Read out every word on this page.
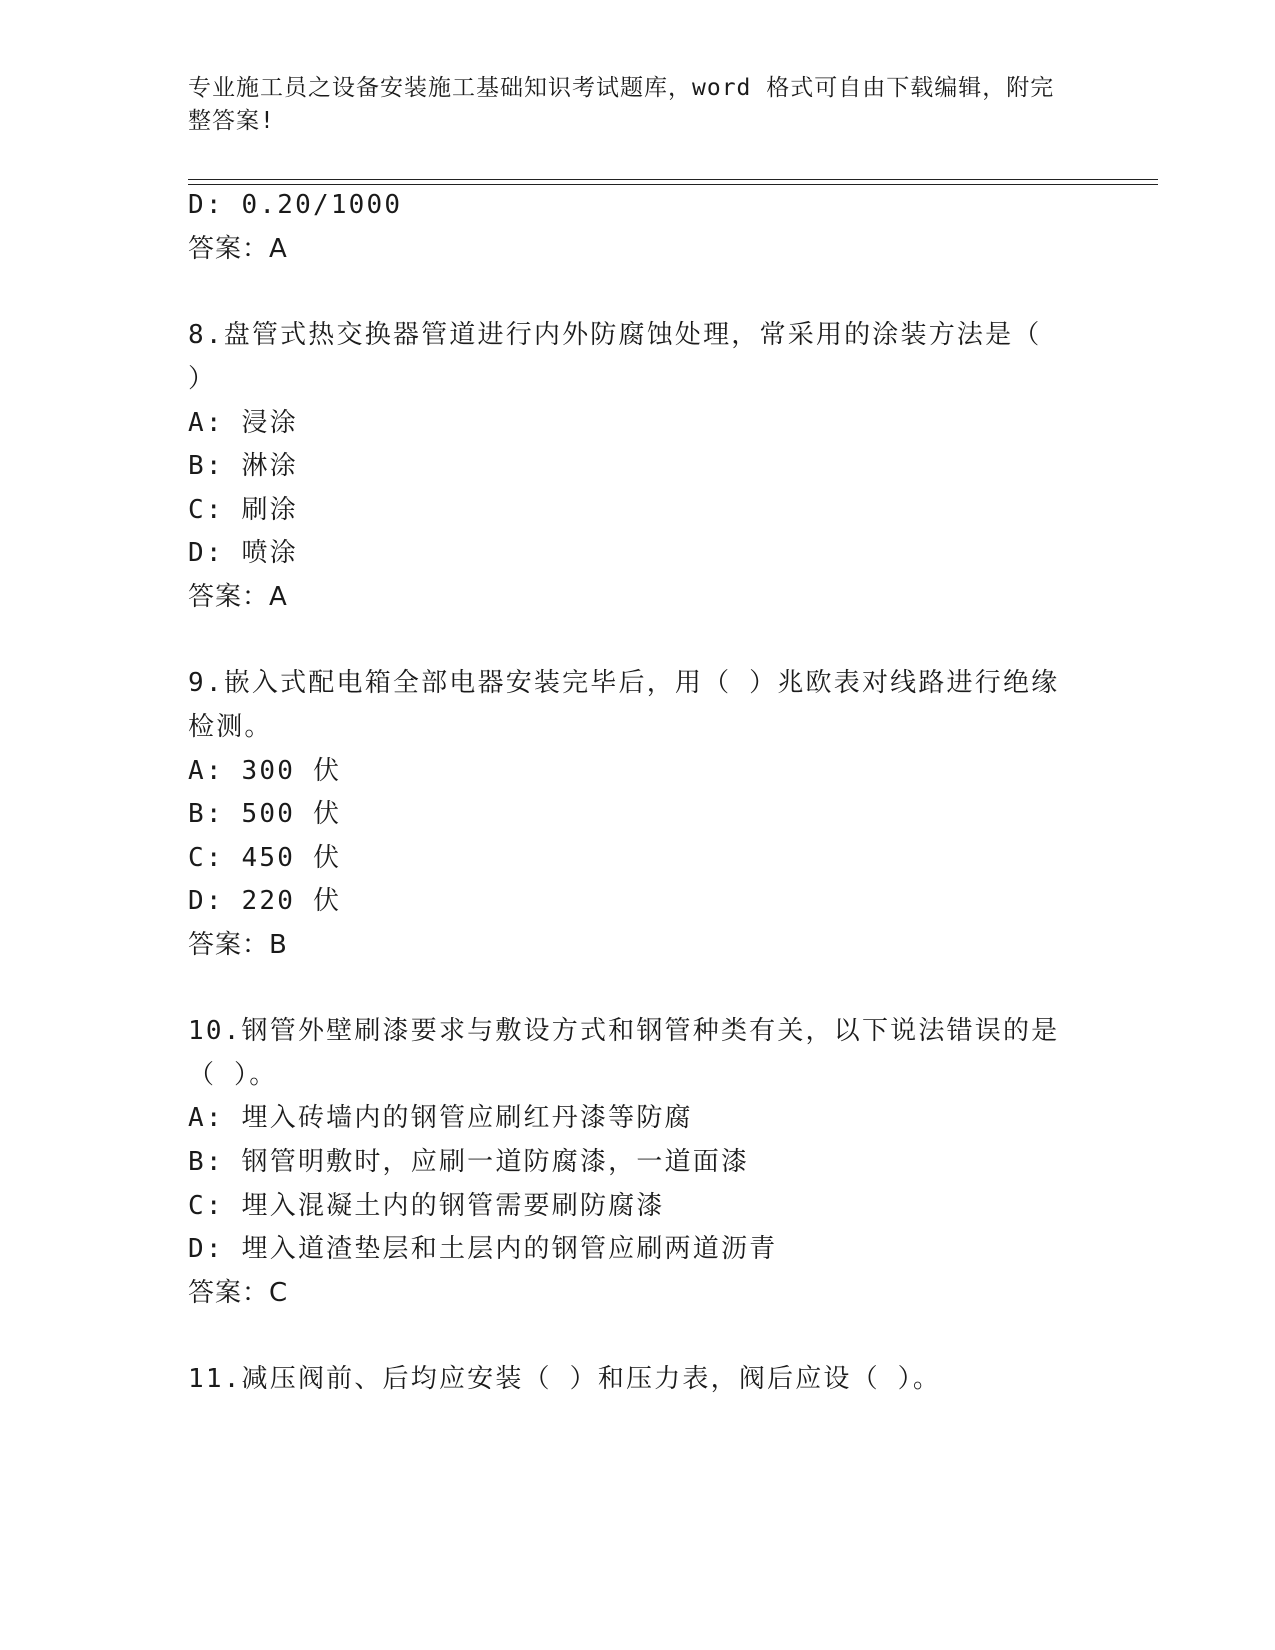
专业施工员之设备安装施工基础知识考试题库，word 格式可自由下载编辑，附完
整答案!
D: 0.20/1000
答案：A
8.盘管式热交换器管道进行内外防腐蚀处理，常采用的涂装方法是（
）
A: 浸涂
B: 淋涂
C: 刷涂
D: 喷涂
答案：A
9.嵌入式配电箱全部电器安装完毕后，用（ ）兆欧表对线路进行绝缘
检测。
A: 300 伏
B: 500 伏
C: 450 伏
D: 220 伏
答案：B
10.钢管外壁刷漆要求与敷设方式和钢管种类有关，以下说法错误的是
（ ）。
A: 埋入砖墙内的钢管应刷红丹漆等防腐
B: 钢管明敷时，应刷一道防腐漆，一道面漆
C: 埋入混凝土内的钢管需要刷防腐漆
D: 埋入道渣垫层和土层内的钢管应刷两道沥青
答案：C
11.减压阀前、后均应安装（ ）和压力表，阀后应设（ ）。
